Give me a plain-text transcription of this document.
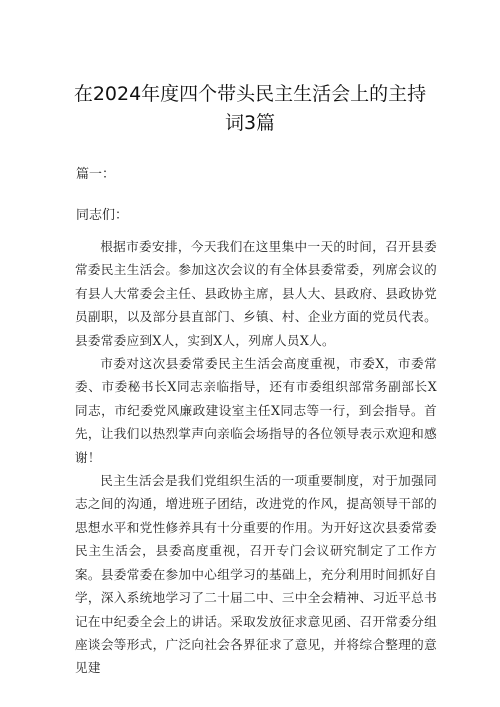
在2024年度四个带头民主生活会上的主持
词3篇
篇一：
同志们：

根据市委安排，今天我们在这里集中一天的时间，召开县委常委民主生活会。参加这次会议的有全体县委常委，列席会议的有县人大常委会主任、县政协主席，县人大、县政府、县政协党员副职，以及部分县直部门、乡镇、村、企业方面的党员代表。县委常委应到X人，实到X人，列席人员X人。

市委对这次县委常委民主生活会高度重视，市委X，市委常委、市委秘书长X同志亲临指导，还有市委组织部常务副部长X同志，市纪委党风廉政建设室主任X同志等一行，到会指导。首先，让我们以热烈掌声向亲临会场指导的各位领导表示欢迎和感谢！

民主生活会是我们党组织生活的一项重要制度，对于加强同志之间的沟通，增进班子团结，改进党的作风，提高领导干部的思想水平和党性修养具有十分重要的作用。为开好这次县委常委民主生活会，县委高度重视，召开专门会议研究制定了工作方案。县委常委在参加中心组学习的基础上，充分利用时间抓好自学，深入系统地学习了二十届二中、三中全会精神、习近平总书记在中纪委全会上的讲话。采取发放征求意见函、召开常委分组座谈会等形式，广泛向社会各界征求了意见，并将综合整理的意见建
